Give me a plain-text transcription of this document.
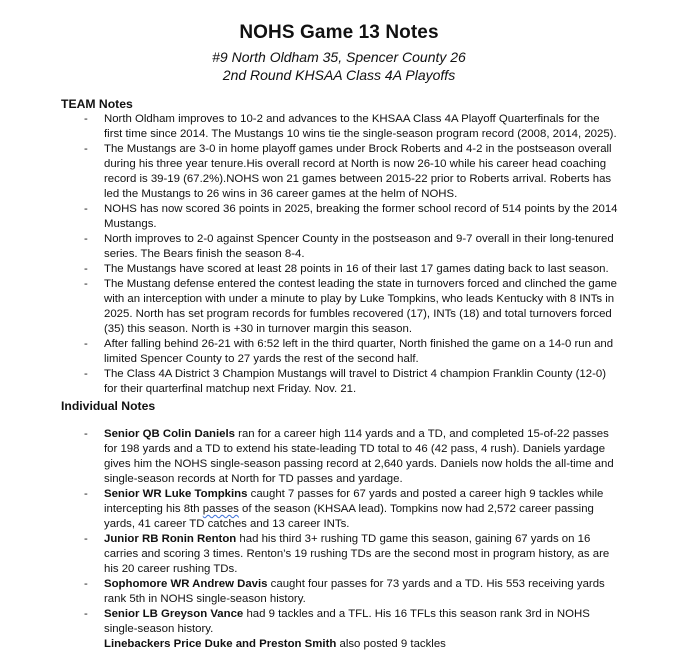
NOHS Game 13 Notes
#9 North Oldham 35, Spencer County 26
2nd Round KHSAA Class 4A Playoffs
TEAM Notes
- North Oldham improves to 10-2 and advances to the KHSAA Class 4A Playoff Quarterfinals for the first time since 2014. The Mustangs 10 wins tie the single-season program record (2008, 2014, 2025).
- The Mustangs are 3-0 in home playoff games under Brock Roberts and 4-2 in the postseason overall during his three year tenure.His overall record at North is now 26-10 while his career head coaching record is 39-19 (67.2%).NOHS won 21 games between 2015-22 prior to Roberts arrival. Roberts has led the Mustangs to 26 wins in 36 career games at the helm of NOHS.
- NOHS has now scored 36 points in 2025, breaking the former school record of 514 points by the 2014 Mustangs.
- North improves to 2-0 against Spencer County in the postseason and 9-7 overall in their long-tenured series. The Bears finish the season 8-4.
- The Mustangs have scored at least 28 points in 16 of their last 17 games dating back to last season.
- The Mustang defense entered the contest leading the state in turnovers forced and clinched the game with an interception with under a minute to play by Luke Tompkins, who leads Kentucky with 8 INTs in 2025. North has set program records for fumbles recovered (17), INTs (18) and total turnovers forced (35) this season. North is +30 in turnover margin this season.
- After falling behind 26-21 with 6:52 left in the third quarter, North finished the game on a 14-0 run and limited Spencer County to 27 yards the rest of the second half.
- The Class 4A District 3 Champion Mustangs will travel to District 4 champion Franklin County (12-0) for their quarterfinal matchup next Friday. Nov. 21.
Individual Notes
- Senior QB Colin Daniels ran for a career high 114 yards and a TD, and completed 15-of-22 passes for 198 yards and a TD to extend his state-leading TD total to 46 (42 pass, 4 rush). Daniels yardage gives him the NOHS single-season passing record at 2,640 yards. Daniels now holds the all-time and single-season records at North for TD passes and yardage.
- Senior WR Luke Tompkins caught 7 passes for 67 yards and posted a career high 9 tackles while intercepting his 8th passes of the season (KHSAA lead). Tompkins now had 2,572 career passing yards, 41 career TD catches and 13 career INTs.
- Junior RB Ronin Renton had his third 3+ rushing TD game this season, gaining 67 yards on 16 carries and scoring 3 times. Renton’s 19 rushing TDs are the second most in program history, as are his 20 career rushing TDs.
- Sophomore WR Andrew Davis caught four passes for 73 yards and a TD. His 553 receiving yards rank 5th in NOHS single-season history.
- Senior LB Greyson Vance had 9 tackles and a TFL. His 16 TFLs this season rank 3rd in NOHS single-season history.
Linebackers Price Duke and Preston Smith also posted 9 tackles
